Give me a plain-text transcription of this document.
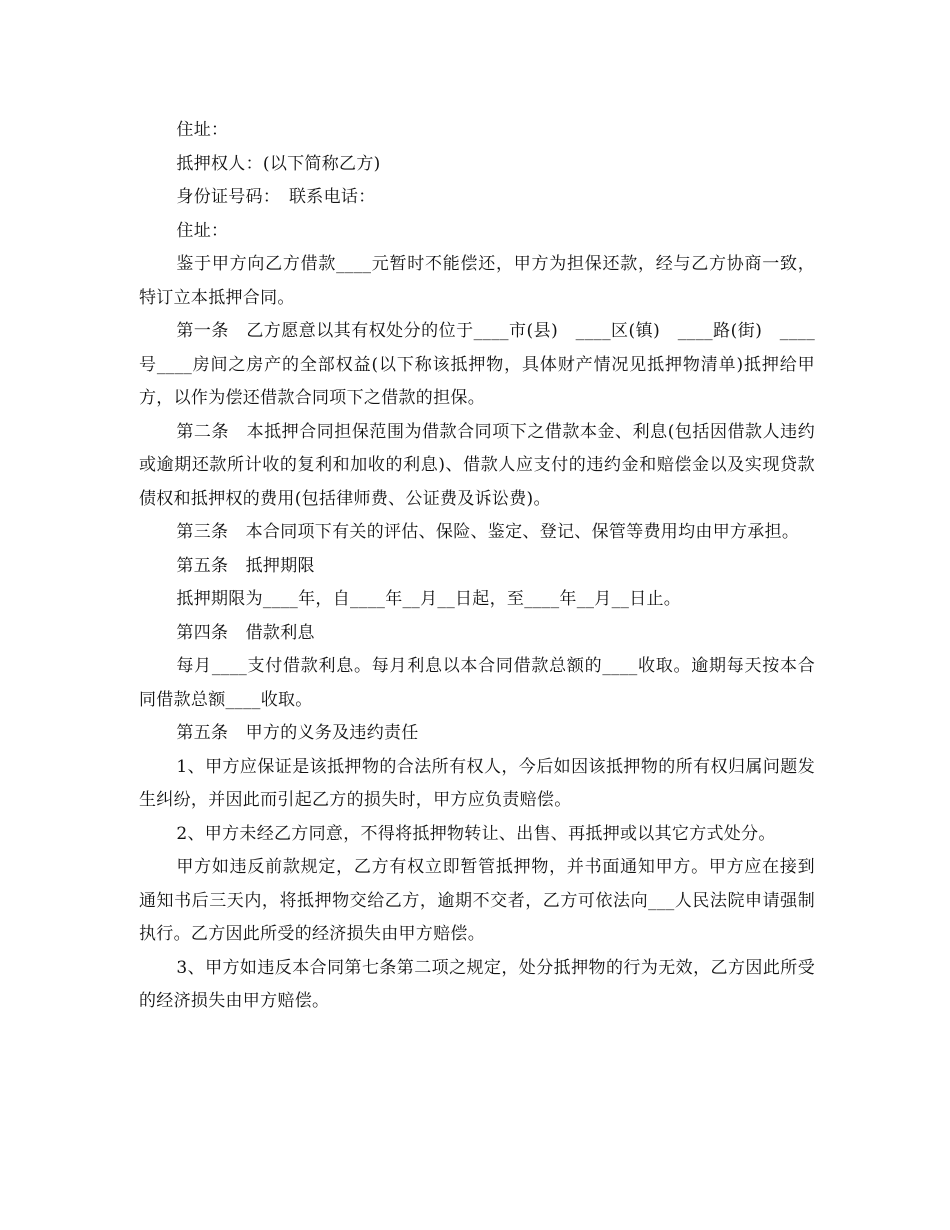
住址：

抵押权人：(以下简称乙方)

身份证号码：　联系电话：

住址：

鉴于甲方向乙方借款____元暂时不能偿还，甲方为担保还款，经与乙方协商一致，特订立本抵押合同。

第一条　乙方愿意以其有权处分的位于____市(县)　____区(镇)　____路(街)　____号____房间之房产的全部权益(以下称该抵押物，具体财产情况见抵押物清单)抵押给甲方，以作为偿还借款合同项下之借款的担保。

第二条　本抵押合同担保范围为借款合同项下之借款本金、利息(包括因借款人违约或逾期还款所计收的复利和加收的利息)、借款人应支付的违约金和赔偿金以及实现贷款债权和抵押权的费用(包括律师费、公证费及诉讼费)。

第三条　本合同项下有关的评估、保险、鉴定、登记、保管等费用均由甲方承担。

第五条　抵押期限

抵押期限为____年，自____年__月__日起，至____年__月__日止。

第四条　借款利息

每月____支付借款利息。每月利息以本合同借款总额的____收取。逾期每天按本合同借款总额____收取。

第五条　甲方的义务及违约责任

1、甲方应保证是该抵押物的合法所有权人，今后如因该抵押物的所有权归属问题发生纠纷，并因此而引起乙方的损失时，甲方应负责赔偿。

2、甲方未经乙方同意，不得将抵押物转让、出售、再抵押或以其它方式处分。

甲方如违反前款规定，乙方有权立即暂管抵押物，并书面通知甲方。甲方应在接到通知书后三天内，将抵押物交给乙方，逾期不交者，乙方可依法向___人民法院申请强制执行。乙方因此所受的经济损失由甲方赔偿。

3、甲方如违反本合同第七条第二项之规定，处分抵押物的行为无效，乙方因此所受的经济损失由甲方赔偿。
